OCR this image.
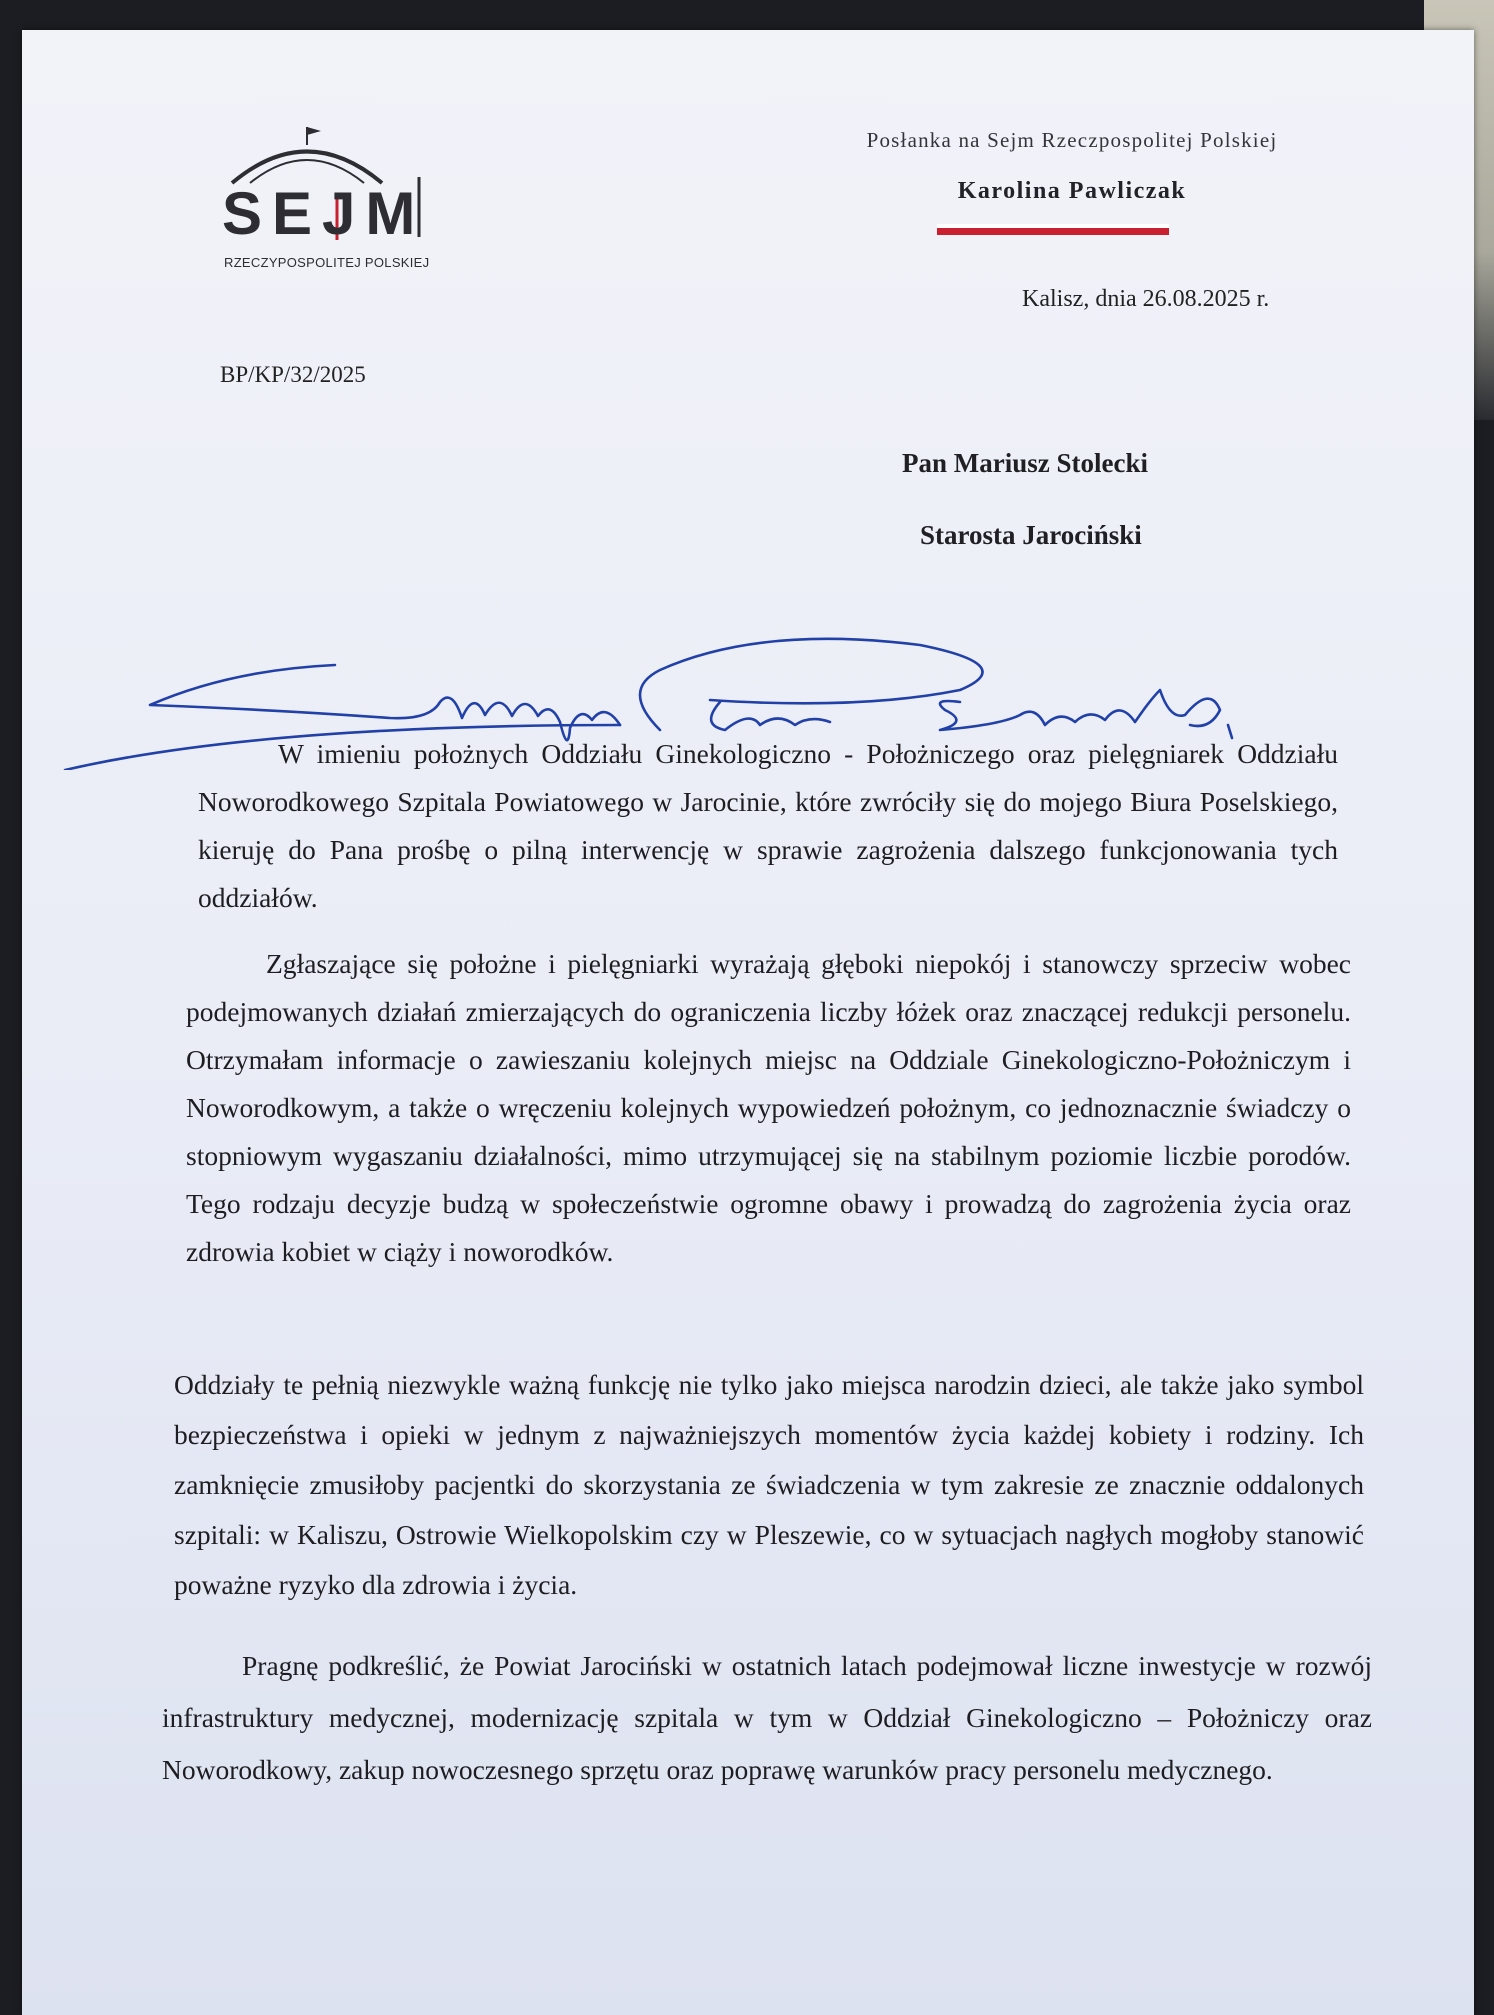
SEJM
RZECZYPOSPOLITEJ POLSKIEJ
Posłanka na Sejm Rzeczpospolitej Polskiej
Karolina Pawliczak
Kalisz, dnia 26.08.2025 r.
BP/KP/32/2025
Pan Mariusz Stolecki
Starosta Jarociński
W imieniu położnych Oddziału Ginekologiczno - Położniczego oraz pielęgniarek Oddziału Noworodkowego Szpitala Powiatowego w Jarocinie, które zwróciły się do mojego Biura Poselskiego, kieruję do Pana prośbę o pilną interwencję w sprawie zagrożenia dalszego funkcjonowania tych oddziałów.
Zgłaszające się położne i pielęgniarki wyrażają głęboki niepokój i stanowczy sprzeciw wobec podejmowanych działań zmierzających do ograniczenia liczby łóżek oraz znaczącej redukcji personelu. Otrzymałam informacje o zawieszaniu kolejnych miejsc na Oddziale Ginekologiczno-Położniczym i Noworodkowym, a także o wręczeniu kolejnych wypowiedzeń położnym, co jednoznacznie świadczy o stopniowym wygaszaniu działalności, mimo utrzymującej się na stabilnym poziomie liczbie porodów. Tego rodzaju decyzje budzą w społeczeństwie ogromne obawy i prowadzą do zagrożenia życia oraz zdrowia kobiet w ciąży i noworodków.
Oddziały te pełnią niezwykle ważną funkcję nie tylko jako miejsca narodzin dzieci, ale także jako symbol bezpieczeństwa i opieki w jednym z najważniejszych momentów życia każdej kobiety i rodziny. Ich zamknięcie zmusiłoby pacjentki do skorzystania ze świadczenia w tym zakresie ze znacznie oddalonych szpitali: w Kaliszu, Ostrowie Wielkopolskim czy w Pleszewie, co w sytuacjach nagłych mogłoby stanowić poważne ryzyko dla zdrowia i życia.
Pragnę podkreślić, że Powiat Jarociński w ostatnich latach podejmował liczne inwestycje w rozwój infrastruktury medycznej, modernizację szpitala w tym w Oddział Ginekologiczno – Położniczy oraz Noworodkowy, zakup nowoczesnego sprzętu oraz poprawę warunków pracy personelu medycznego.
